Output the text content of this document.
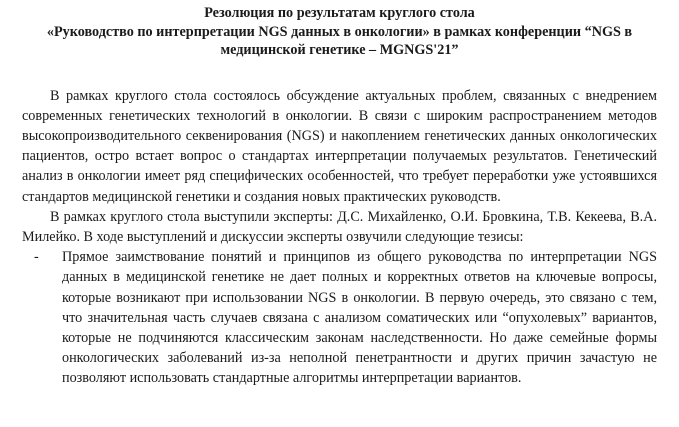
Резолюция по результатам круглого стола
«Руководство по интерпретации NGS данных в онкологии» в рамках конференции “NGS в медицинской генетике – MGNGS'21”

В рамках круглого стола состоялось обсуждение актуальных проблем, связанных с внедрением современных генетических технологий в онкологии. В связи с широким распространением методов высокопроизводительного секвенирования (NGS) и накоплением генетических данных онкологических пациентов, остро встает вопрос о стандартах интерпретации получаемых результатов. Генетический анализ в онкологии имеет ряд специфических особенностей, что требует переработки уже устоявшихся стандартов медицинской генетики и создания новых практических руководств.

В рамках круглого стола выступили эксперты: Д.С. Михайленко, О.И. Бровкина, Т.В. Кекеева, В.А. Милейко. В ходе выступлений и дискуссии эксперты озвучили следующие тезисы:

- Прямое заимствование понятий и принципов из общего руководства по интерпретации NGS данных в медицинской генетике не дает полных и корректных ответов на ключевые вопросы, которые возникают при использовании NGS в онкологии. В первую очередь, это связано с тем, что значительная часть случаев связана с анализом соматических или “опухолевых” вариантов, которые не подчиняются классическим законам наследственности. Но даже семейные формы онкологических заболеваний из-за неполной пенетрантности и других причин зачастую не позволяют использовать стандартные алгоритмы интерпретации вариантов.
